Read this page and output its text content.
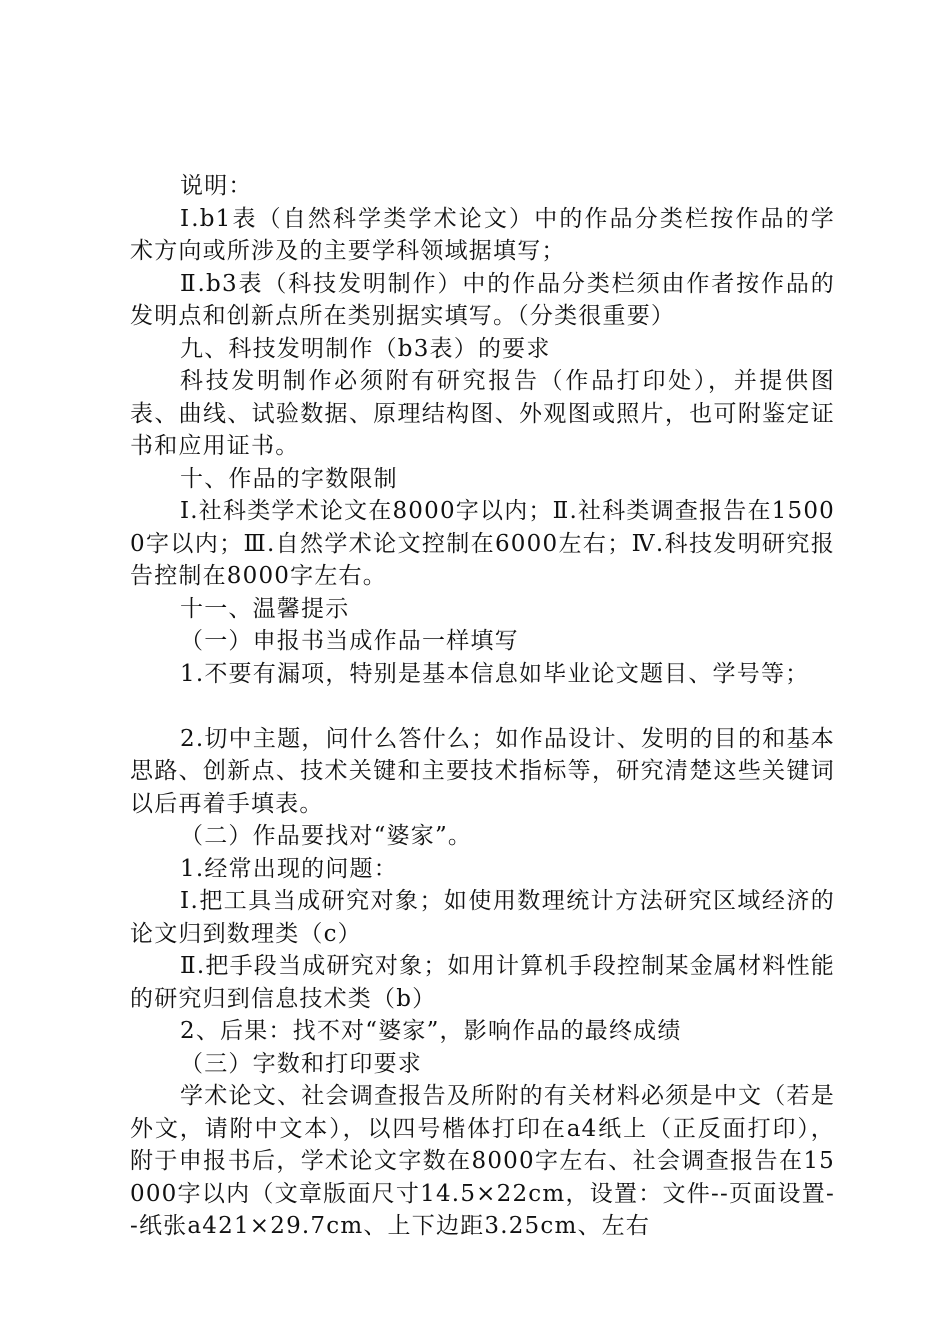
说明：

Ⅰ.b1表（自然科学类学术论文）中的作品分类栏按作品的学术方向或所涉及的主要学科领域据填写；

Ⅱ.b3表（科技发明制作）中的作品分类栏须由作者按作品的发明点和创新点所在类别据实填写。（分类很重要）

九、科技发明制作（b3表）的要求

科技发明制作必须附有研究报告（作品打印处），并提供图表、曲线、试验数据、原理结构图、外观图或照片，也可附鉴定证书和应用证书。

十、作品的字数限制

Ⅰ.社科类学术论文在8000字以内；Ⅱ.社科类调查报告在15000字以内；Ⅲ.自然学术论文控制在6000左右；Ⅳ.科技发明研究报告控制在8000字左右。

十一、温馨提示

（一）申报书当成作品一样填写

1.不要有漏项，特别是基本信息如毕业论文题目、学号等；

2.切中主题，问什么答什么；如作品设计、发明的目的和基本思路、创新点、技术关键和主要技术指标等，研究清楚这些关键词以后再着手填表。

（二）作品要找对“婆家”。

1.经常出现的问题：

Ⅰ.把工具当成研究对象；如使用数理统计方法研究区域经济的论文归到数理类（c）

Ⅱ.把手段当成研究对象；如用计算机手段控制某金属材料性能的研究归到信息技术类（b）

2、后果：找不对“婆家”，影响作品的最终成绩

（三）字数和打印要求

学术论文、社会调查报告及所附的有关材料必须是中文（若是外文，请附中文本），以四号楷体打印在a4纸上（正反面打印），附于申报书后，学术论文字数在8000字左右、社会调查报告在15000字以内（文章版面尺寸14.5×22cm，设置：文件--页面设置--纸张a421×29.7cm、上下边距3.25cm、左右
